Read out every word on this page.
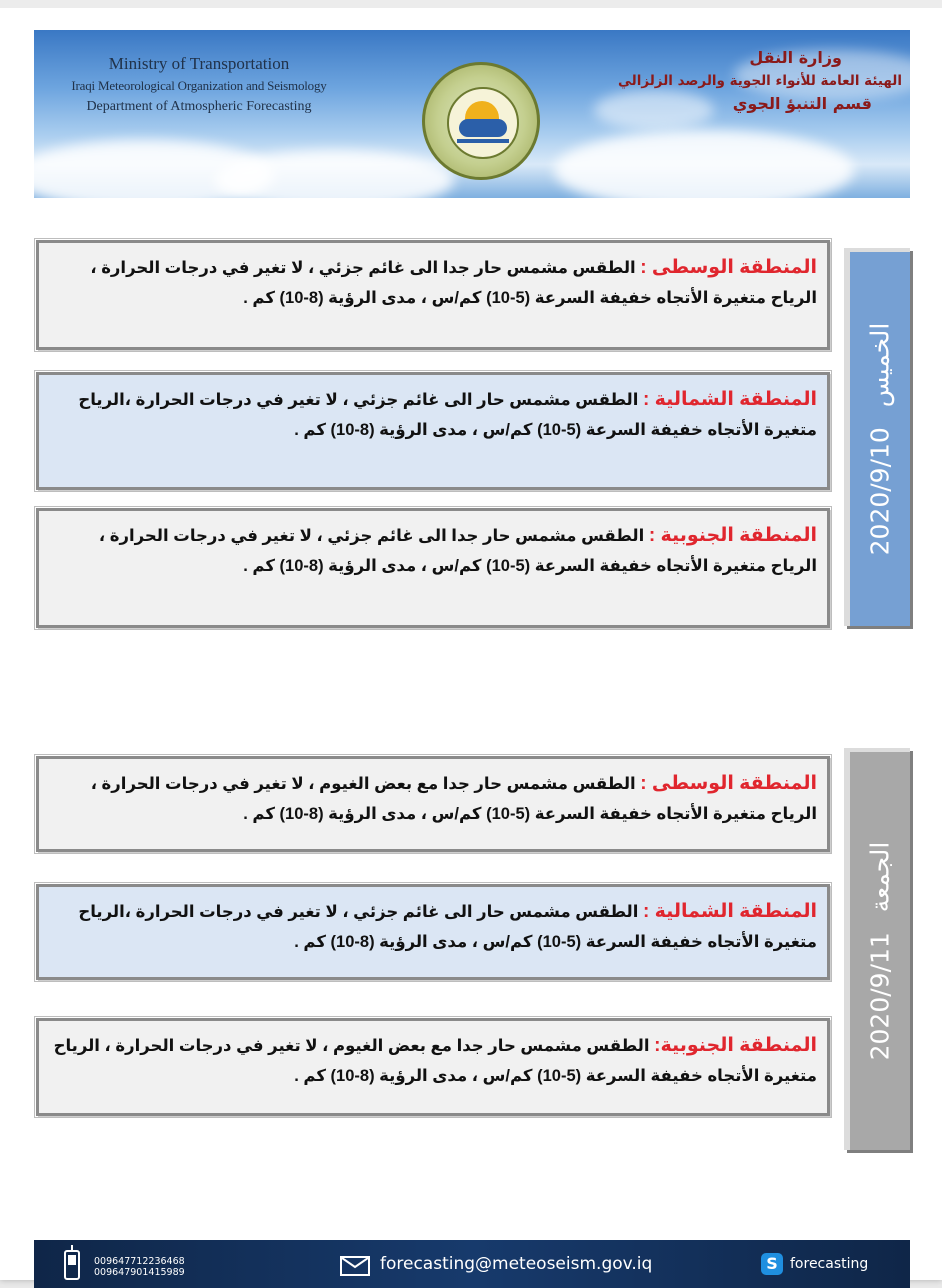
Ministry of Transportation
Iraqi Meteorological Organization and Seismology
Department of Atmospheric Forecasting
وزارة النقل
الهيئة العامة للأنواء الجوية والرصد الزلزالي
قسم التنبؤ الجوي
المنطقة الوسطى : الطقس مشمس حار جدا الى غائم جزئي ، لا تغير في درجات الحرارة ، الرياح متغيرة الأتجاه خفيفة السرعة (5-10) كم/س ، مدى الرؤية (8-10) كم .
المنطقة الشمالية : الطقس مشمس حار الى غائم جزئي ، لا تغير في درجات الحرارة ،الرياح متغيرة الأتجاه خفيفة السرعة (5-10) كم/س ، مدى الرؤية (8-10) كم .
المنطقة الجنوبية : الطقس مشمس حار جدا الى غائم جزئي ، لا تغير في درجات الحرارة ، الرياح متغيرة الأتجاه خفيفة السرعة (5-10) كم/س ، مدى الرؤية (8-10) كم .
2020/9/10 الخميس
المنطقة الوسطى : الطقس مشمس حار جدا مع بعض الغيوم ، لا تغير في درجات الحرارة ، الرياح متغيرة الأتجاه خفيفة السرعة (5-10) كم/س ، مدى الرؤية (8-10) كم .
المنطقة الشمالية : الطقس مشمس حار الى غائم جزئي ، لا تغير في درجات الحرارة ،الرياح متغيرة الأتجاه خفيفة السرعة (5-10) كم/س ، مدى الرؤية (8-10) كم .
المنطقة الجنوبية: الطقس مشمس حار جدا مع بعض الغيوم ، لا تغير في درجات الحرارة ، الرياح متغيرة الأتجاه خفيفة السرعة (5-10) كم/س ، مدى الرؤية (8-10) كم .
2020/9/11 الجمعة
009647712236468
009647901415989	forecasting@meteoseism.gov.iq	S forecasting
